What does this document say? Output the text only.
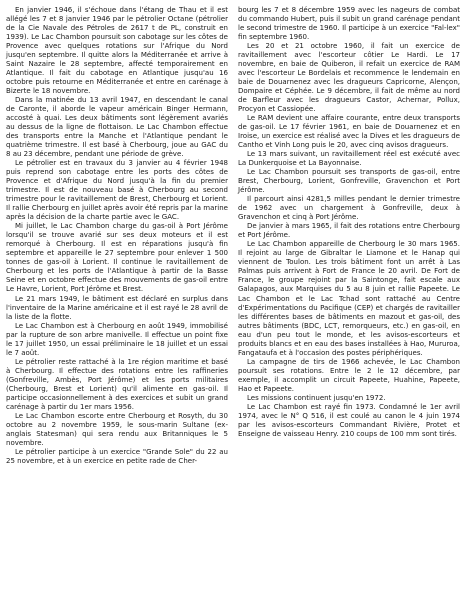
En janvier 1946, il s'échoue dans l'étang de Thau et il est allégé les 7 et 8 janvier 1946 par le pétrolier Octane (pétrolier de la Cie Navale des Pétroles de 2617 t de PL, construit en 1939). Le Lac Chambon poursuit son cabotage sur les côtes de Provence avec quelques rotations sur l'Afrique du Nord jusqu'en septembre. Il quitte alors la Méditerranée et arrive à Saint Nazaire le 28 septembre, affecté temporairement en Atlantique. Il fait du cabotage en Atlantique jusqu'au 16 octobre puis retourne en Méditerranée et entre en carénage à Bizerte le 18 novembre.

Dans la matinée du 13 avril 1947, en descendant le canal de Caronte, il aborde le vapeur américain Binger Hermann, accosté à quai. Les deux bâtiments sont légèrement avariés au dessus de la ligne de flottaison. Le Lac Chambon effectue des transports entre la Manche et l'Atlantique pendant le quatrième trimestre. Il est basé à Cherbourg, joue au GAC du 8 au 23 décembre, pendant une période de grève.

Le pétrolier est en travaux du 3 janvier au 4 février 1948 puis reprend son cabotage entre les ports des côtes de Provence et d'Afrique du Nord jusqu'à la fin du premier trimestre. Il est de nouveau basé à Cherbourg au second trimestre pour le ravitaillement de Brest, Cherbourg et Lorient. Il rallie Cherbourg en juillet après avoir été repris par la marine après la décision de la charte partie avec le GAC.

Mi juillet, le Lac Chambon charge du gas-oil à Port Jérôme lorsqu'il se trouve avarié sur ses deux moteurs et il est remorqué à Cherbourg. Il est en réparations jusqu'à fin septembre et appareille le 27 septembre pour enlever 1 500 tonnes de gas-oil à Lorient. Il continue le ravitaillement de Cherbourg et les ports de l'Atlantique à partir de la Basse Seine et en octobre effectue des mouvements de gas-oil entre Le Havre, Lorient, Port Jérôme et Brest.

Le 21 mars 1949, le bâtiment est déclaré en surplus dans l'inventaire de la Marine américaine et il est rayé le 28 avril de la liste de la flotte.

Le Lac Chambon est à Cherbourg en août 1949, immobilisé par la rupture de son arbre manivelle. Il effectue un point fixe le 17 juillet 1950, un essai préliminaire le 18 juillet et un essai le 7 août.

Le pétrolier reste rattaché à la 1re région maritime et basé à Cherbourg. Il effectue des rotations entre les raffineries (Gonfreville, Ambès, Port Jérôme) et les ports militaires (Cherbourg, Brest et Lorient) qu'il alimente en gas-oil. Il participe occasionnellement à des exercices et subit un grand carénage à partir du 1er mars 1956.

Le Lac Chambon escorte entre Cherbourg et Rosyth, du 30 octobre au 2 novembre 1959, le sous-marin Sultane (ex-anglais Statesman) qui sera rendu aux Britanniques le 5 novembre.

Le pétrolier participe à un exercice "Grande Sole" du 22 au 25 novembre, et à un exercice en petite rade de Cher-

bourg les 7 et 8 décembre 1959 avec les nageurs de combat du commando Hubert, puis il subit un grand carénage pendant le second trimestre de 1960. Il participe à un exercice "Fal-lex" fin septembre 1960.

Les 20 et 21 octobre 1960, il fait un exercice de ravitaillement avec l'escorteur côtier Le Hardi. Le 17 novembre, en baie de Quiberon, il refait un exercice de RAM avec l'escorteur Le Bordelais et recommence le lendemain en baie de Douarnenez avec les dragueurs Capricorne, Alençon, Dompaire et Céphée. Le 9 décembre, il fait de même au nord de Barfleur avec les dragueurs Castor, Achernar, Pollux, Procyon et Cassiopée.

Le RAM devient une affaire courante, entre deux transports de gas-oil. Le 17 février 1961, en baie de Douarnenez et en Iroise, un exercice est réalisé avec la Dives et les dragueurs de Cantho et Vinh Long puis le 20, avec cinq avisos dragueurs.

Le 13 mars suivant, un ravitaillement réel est exécuté avec La Dunkerquoise et La Bayonnaise.

Le Lac Chambon poursuit ses transports de gas-oil, entre Brest, Cherbourg, Lorient, Gonfreville, Gravenchon et Port Jérôme.

Il parcourt ainsi 4281,5 milles pendant le dernier trimestre de 1962 avec un chargement à Gonfreville, deux à Gravenchon et cinq à Port Jérôme.

De janvier à mars 1965, il fait des rotations entre Cherbourg et Port Jérôme.

Le Lac Chambon appareille de Cherbourg le 30 mars 1965. Il rejoint au large de Gibraltar le Liamone et le Hanap qui viennent de Toulon. Les trois bâtiment font un arrêt à Las Palmas puis arrivent à Fort de France le 20 avril. De Fort de France, le groupe rejoint par la Saintonge, fait escale aux Galapagos, aux Marquises du 5 au 8 juin et rallie Papeete. Le Lac Chambon et le Lac Tchad sont rattaché au Centre d'Expérimentations du Pacifique (CEP) et chargés de ravitailler les différentes bases de bâtiments en mazout et gas-oil, des autres bâtiments (BDC, LCT, remorqueurs, etc.) en gas-oil, en eau d'un peu tout le monde, et les avisos-escorteurs et produits blancs et en eau des bases installées à Hao, Mururoa, Fangataufa et à l'occasion des postes périphériques.

La campagne de tirs de 1966 achevée, le Lac Chambon poursuit ses rotations. Entre le 2 le 12 décembre, par exemple, il accomplit un circuit Papeete, Huahine, Papeete, Hao et Papeete.

Les missions continuent jusqu'en 1972.

Le Lac Chambon est rayé fin 1973. Condamné le 1er avril 1974, avec le N° Q 516, il est coulé au canon le 4 juin 1974 par les avisos-escorteurs Commandant Rivière, Protet et Enseigne de vaisseau Henry. 210 coups de 100 mm sont tirés.
